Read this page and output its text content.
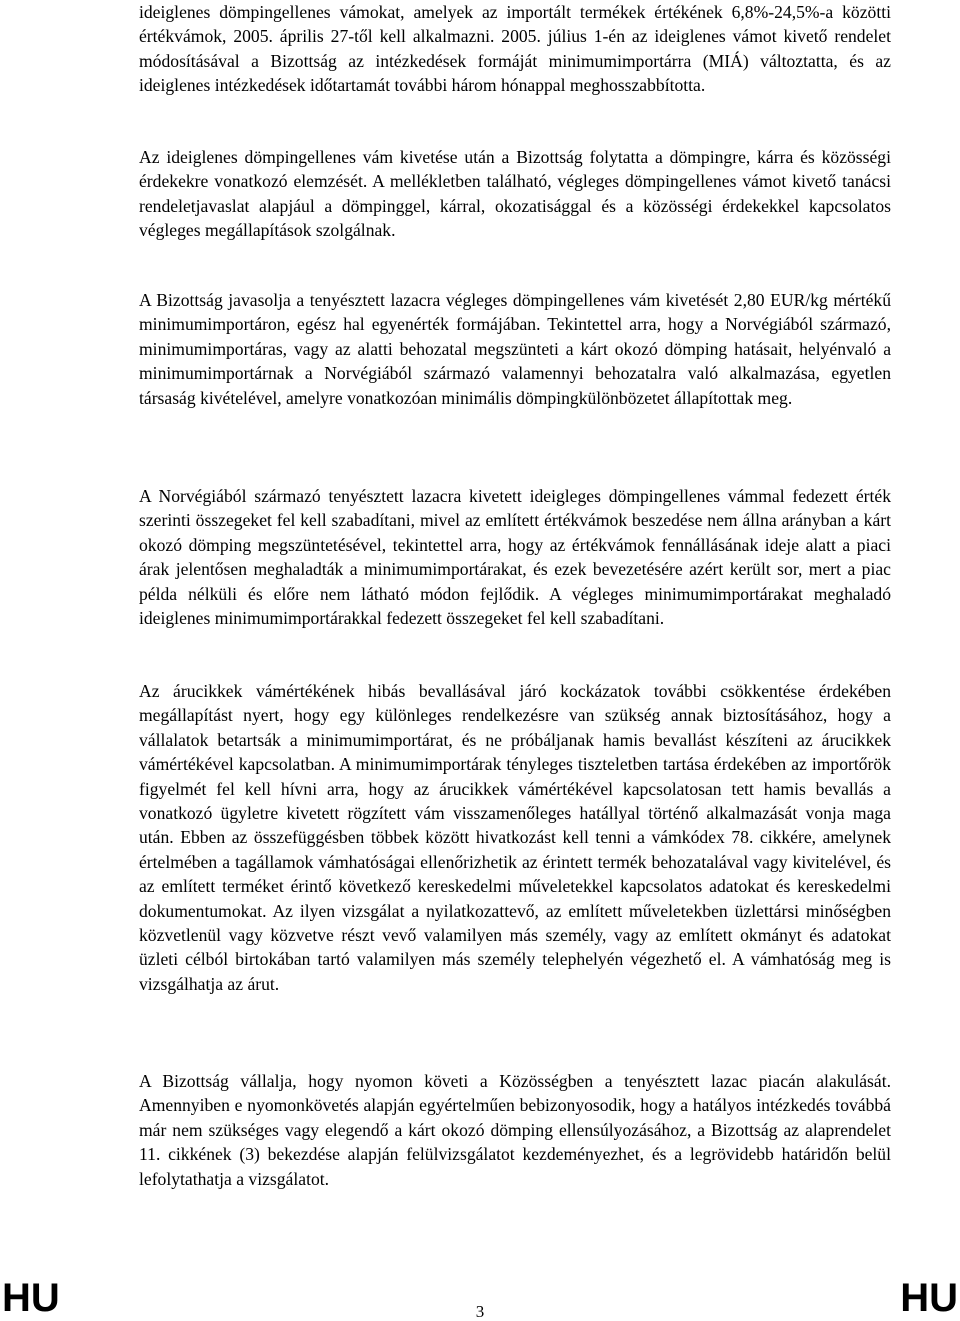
ideiglenes dömpingellenes vámokat, amelyek az importált termékek értékének 6,8%-24,5%-a közötti értékvámok, 2005. április 27-től kell alkalmazni. 2005. július 1-én az ideiglenes vámot kivető rendelet módosításával a Bizottság az intézkedések formáját minimumimportárra (MIÁ) változtatta, és az ideiglenes intézkedések időtartamát további három hónappal meghosszabbította.

Az ideiglenes dömpingellenes vám kivetése után a Bizottság folytatta a dömpingre, kárra és közösségi érdekekre vonatkozó elemzését. A mellékletben található, végleges dömpingellenes vámot kivető tanácsi rendeletjavaslat alapjául a dömpinggel, kárral, okozatisággal és a közösségi érdekekkel kapcsolatos végleges megállapítások szolgálnak.

A Bizottság javasolja a tenyésztett lazacra végleges dömpingellenes vám kivetését 2,80 EUR/kg mértékű minimumimportáron, egész hal egyenérték formájában. Tekintettel arra, hogy a Norvégiából származó, minimumimportáras, vagy az alatti behozatal megszünteti a kárt okozó dömping hatásait, helyénvaló a minimumimportárnak a Norvégiából származó valamennyi behozatalra való alkalmazása, egyetlen társaság kivételével, amelyre vonatkozóan minimális dömpingkülönbözetet állapítottak meg.

A Norvégiából származó tenyésztett lazacra kivetett ideigleges dömpingellenes vámmal fedezett érték szerinti összegeket fel kell szabadítani, mivel az említett értékvámok beszedése nem állna arányban a kárt okozó dömping megszüntetésével, tekintettel arra, hogy az értékvámok fennállásának ideje alatt a piaci árak jelentősen meghaladták a minimumimportárakat, és ezek bevezetésére azért került sor, mert a piac példa nélküli és előre nem látható módon fejlődik. A végleges minimumimportárakat meghaladó ideiglenes minimumimportárakkal fedezett összegeket fel kell szabadítani.

Az árucikkek vámértékének hibás bevallásával járó kockázatok további csökkentése érdekében megállapítást nyert, hogy egy különleges rendelkezésre van szükség annak biztosításához, hogy a vállalatok betartsák a minimumimportárat, és ne próbáljanak hamis bevallást készíteni az árucikkek vámértékével kapcsolatban. A minimumimportárak tényleges tiszteletben tartása érdekében az importőrök figyelmét fel kell hívni arra, hogy az árucikkek vámértékével kapcsolatosan tett hamis bevallás a vonatkozó ügyletre kivetett rögzített vám visszamenőleges hatállyal történő alkalmazását vonja maga után. Ebben az összefüggésben többek között hivatkozást kell tenni a vámkódex 78. cikkére, amelynek értelmében a tagállamok vámhatóságai ellenőrizhetik az érintett termék behozatalával vagy kivitelével, és az említett terméket érintő következő kereskedelmi műveletekkel kapcsolatos adatokat és kereskedelmi dokumentumokat. Az ilyen vizsgálat a nyilatkozattevő, az említett műveletekben üzlettársi minőségben közvetlenül vagy közvetve részt vevő valamilyen más személy, vagy az említett okmányt és adatokat üzleti célból birtokában tartó valamilyen más személy telephelyén végezhető el. A vámhatóság meg is vizsgálhatja az árut.

A Bizottság vállalja, hogy nyomon követi a Közösségben a tenyésztett lazac piacán alakulását. Amennyiben e nyomonkövetés alapján egyértelműen bebizonyosodik, hogy a hatályos intézkedés továbbá már nem szükséges vagy elegendő a kárt okozó dömping ellensúlyozásához, a Bizottság az alaprendelet 11. cikkének (3) bekezdése alapján felülvizsgálatot kezdeményezhet, és a legrövidebb határidőn belül lefolytathatja a vizsgálatot.

HU	3	HU
